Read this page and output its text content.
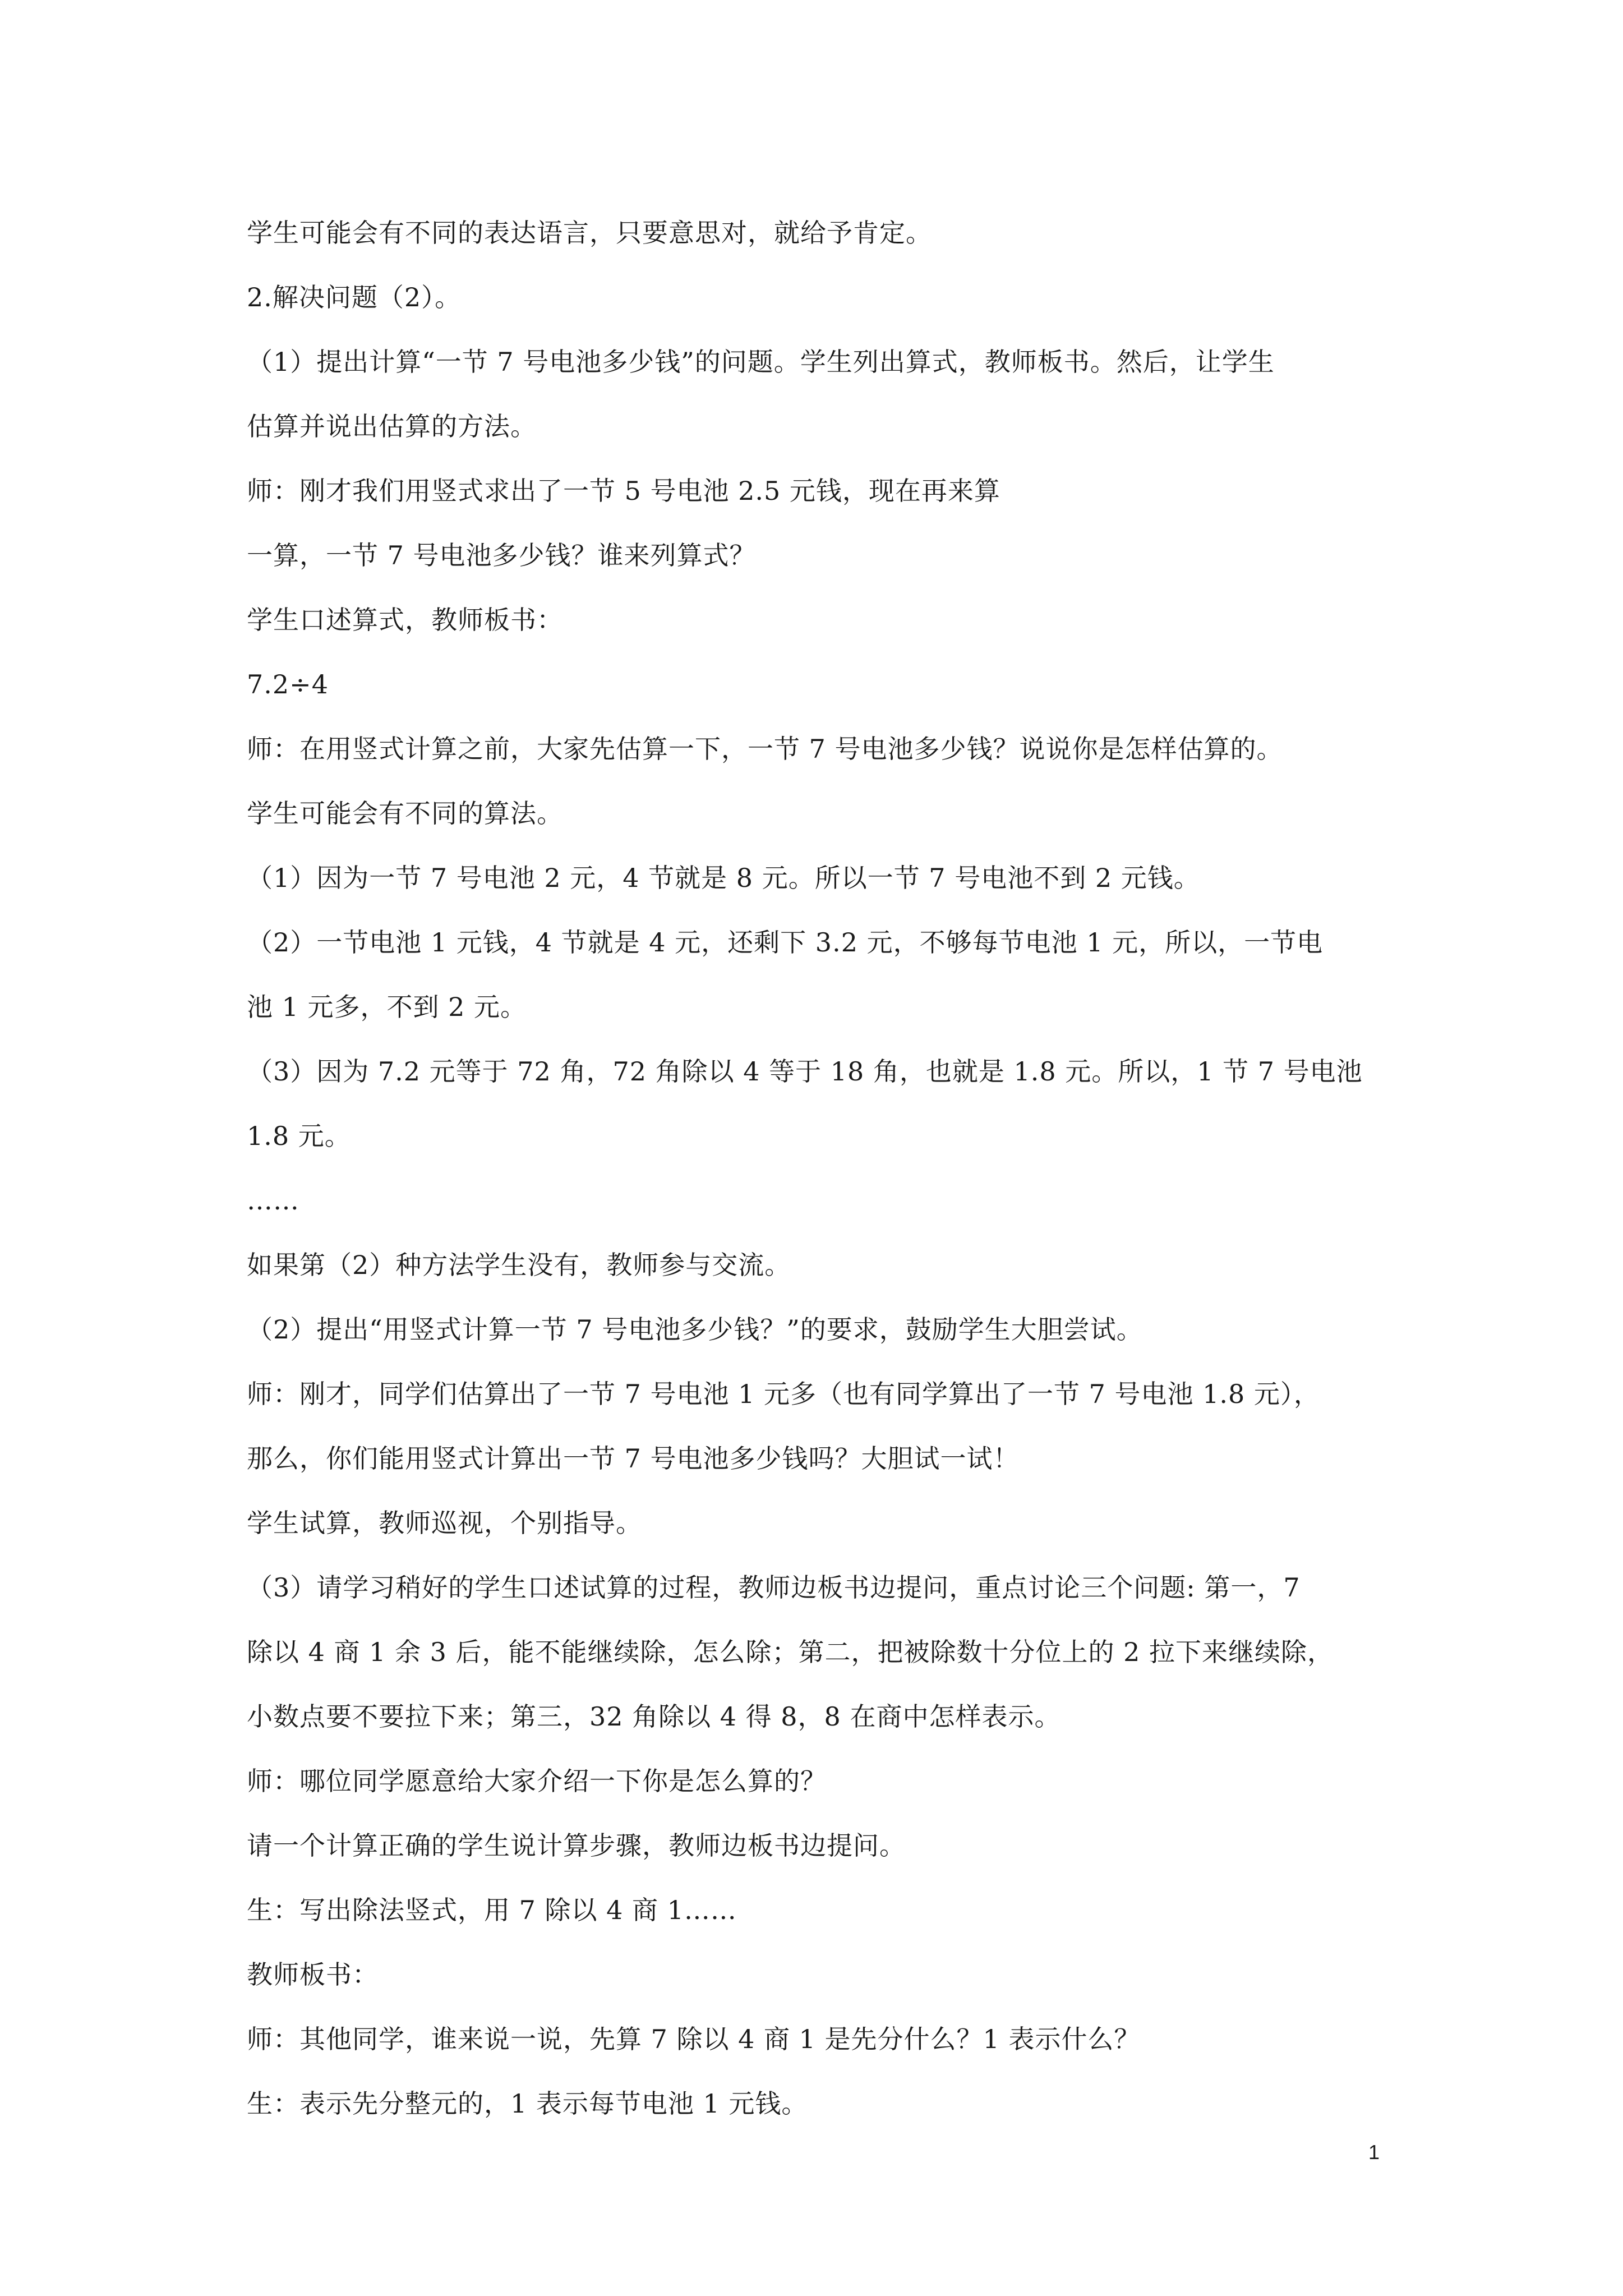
学生可能会有不同的表达语言，只要意思对，就给予肯定。
2.解决问题（2）。
（1）提出计算“一节 7 号电池多少钱”的问题。学生列出算式，教师板书。然后，让学生
估算并说出估算的方法。
师：刚才我们用竖式求出了一节 5 号电池 2.5 元钱，现在再来算
一算，一节 7 号电池多少钱？谁来列算式？
学生口述算式，教师板书：
7.2÷4
师：在用竖式计算之前，大家先估算一下，一节 7 号电池多少钱？说说你是怎样估算的。
学生可能会有不同的算法。
（1）因为一节 7 号电池 2 元，4 节就是 8 元。所以一节 7 号电池不到 2 元钱。
（2）一节电池 1 元钱，4 节就是 4 元，还剩下 3.2 元，不够每节电池 1 元，所以，一节电
池 1 元多，不到 2 元。
（3）因为 7.2 元等于 72 角，72 角除以 4 等于 18 角，也就是 1.8 元。所以，1 节 7 号电池
1.8 元。
……
如果第（2）种方法学生没有，教师参与交流。
（2）提出“用竖式计算一节 7 号电池多少钱？”的要求，鼓励学生大胆尝试。
师：刚才，同学们估算出了一节 7 号电池 1 元多（也有同学算出了一节 7 号电池 1.8 元），
那么，你们能用竖式计算出一节 7 号电池多少钱吗？大胆试一试！
学生试算，教师巡视，个别指导。
（3）请学习稍好的学生口述试算的过程，教师边板书边提问，重点讨论三个问题: 第一，7
除以 4 商 1 余 3 后，能不能继续除，怎么除；第二，把被除数十分位上的 2 拉下来继续除，
小数点要不要拉下来；第三，32 角除以 4 得 8，8 在商中怎样表示。
师：哪位同学愿意给大家介绍一下你是怎么算的？
请一个计算正确的学生说计算步骤，教师边板书边提问。
生：写出除法竖式，用 7 除以 4 商 1……
教师板书：
师：其他同学，谁来说一说，先算 7 除以 4 商 1 是先分什么？1 表示什么？
生：表示先分整元的，1 表示每节电池 1 元钱。
1
